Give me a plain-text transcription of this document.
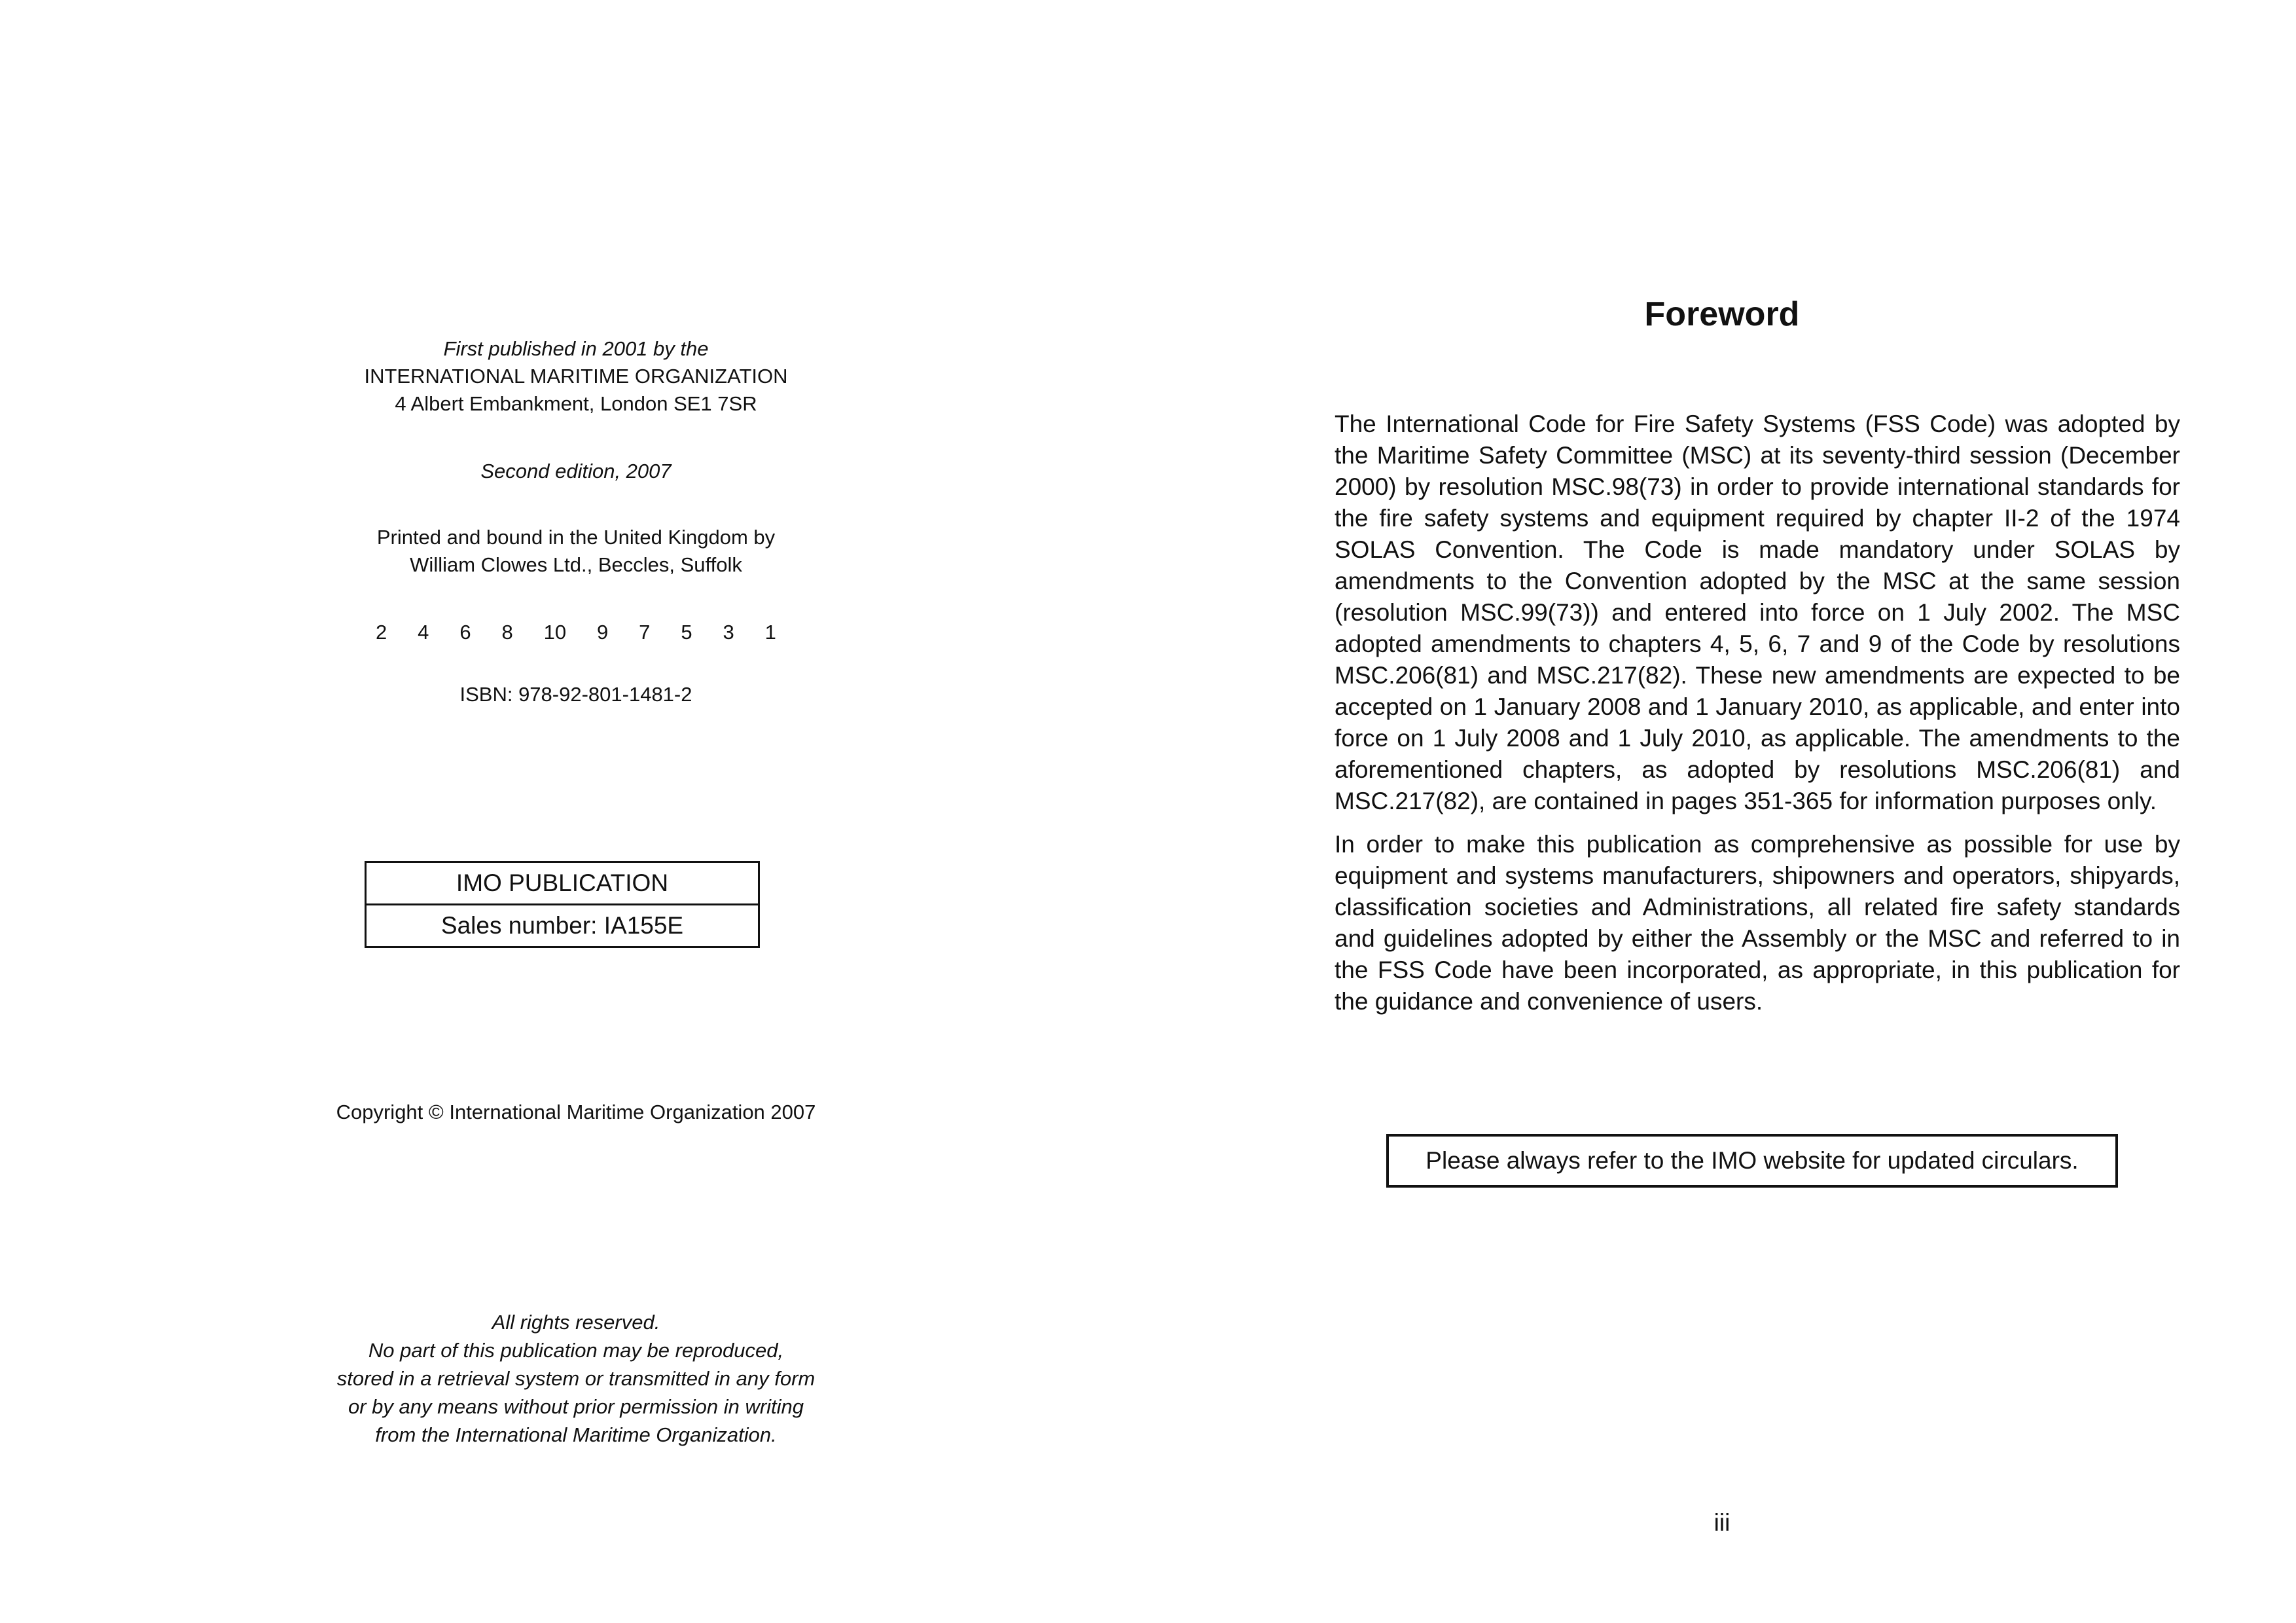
First published in 2001 by the
INTERNATIONAL MARITIME ORGANIZATION
4 Albert Embankment, London SE1 7SR
Second edition, 2007
Printed and bound in the United Kingdom by
William Clowes Ltd., Beccles, Suffolk
2 4 6 8 10 9 7 5 3 1
ISBN: 978-92-801-1481-2
IMO PUBLICATION
Sales number: IA155E
Copyright © International Maritime Organization 2007
All rights reserved.
No part of this publication may be reproduced,
stored in a retrieval system or transmitted in any form
or by any means without prior permission in writing
from the International Maritime Organization.
Foreword

The International Code for Fire Safety Systems (FSS Code) was adopted by the Maritime Safety Committee (MSC) at its seventy-third session (December 2000) by resolution MSC.98(73) in order to provide international standards for the fire safety systems and equipment required by chapter II-2 of the 1974 SOLAS Convention. The Code is made mandatory under SOLAS by amendments to the Convention adopted by the MSC at the same session (resolution MSC.99(73)) and entered into force on 1 July 2002. The MSC adopted amendments to chapters 4, 5, 6, 7 and 9 of the Code by resolutions MSC.206(81) and MSC.217(82). These new amendments are expected to be accepted on 1 January 2008 and 1 January 2010, as applicable, and enter into force on 1 July 2008 and 1 July 2010, as applicable. The amendments to the aforementioned chapters, as adopted by resolutions MSC.206(81) and MSC.217(82), are contained in pages 351-365 for information purposes only.

In order to make this publication as comprehensive as possible for use by equipment and systems manufacturers, shipowners and operators, shipyards, classification societies and Administrations, all related fire safety standards and guidelines adopted by either the Assembly or the MSC and referred to in the FSS Code have been incorporated, as appropriate, in this publication for the guidance and convenience of users.

Please always refer to the IMO website for updated circulars.
iii
